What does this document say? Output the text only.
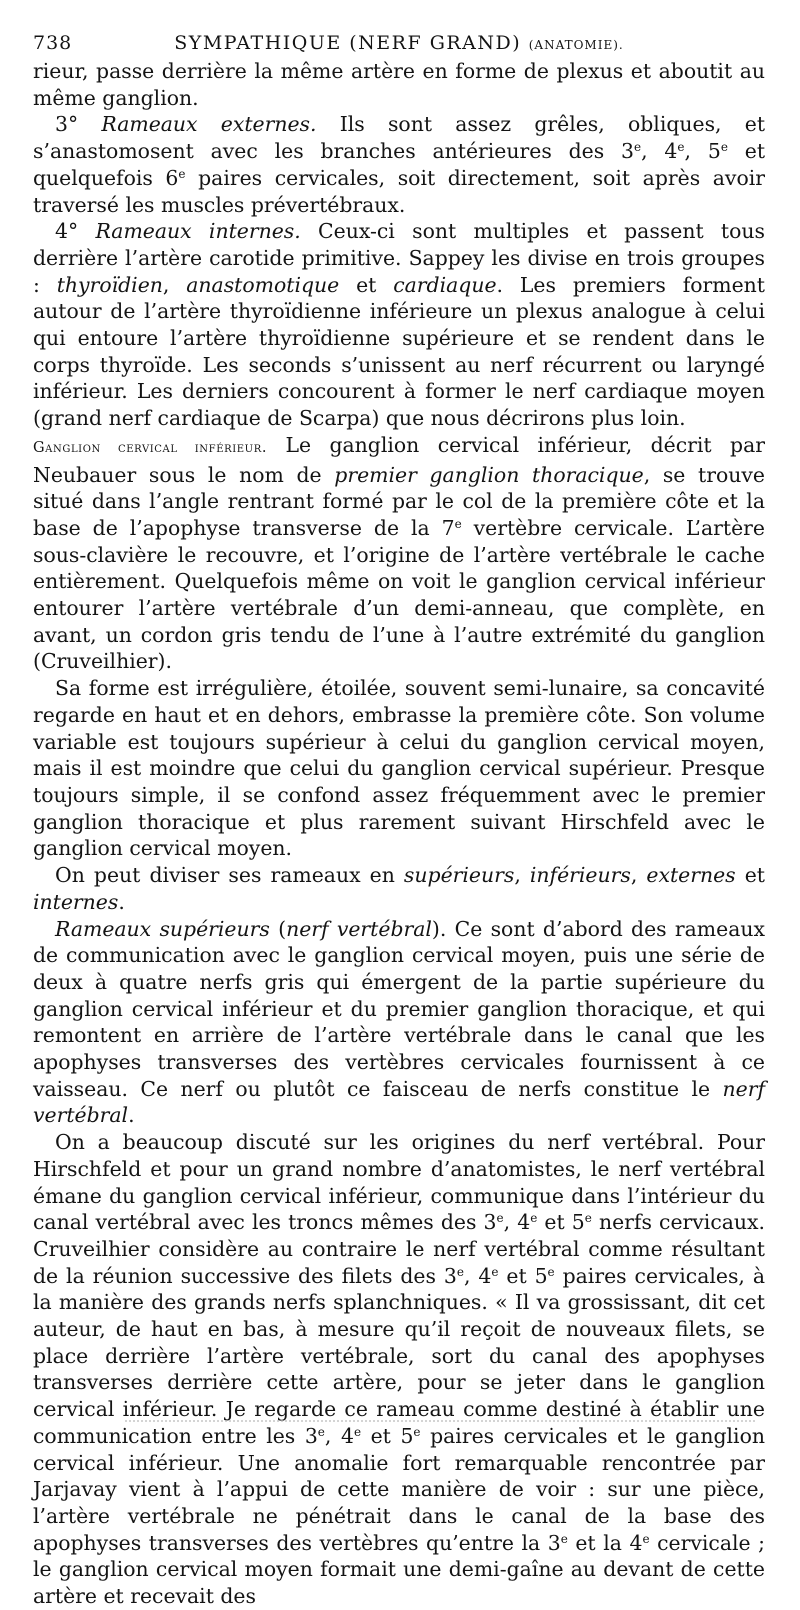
738	SYMPATHIQUE (NERF GRAND) (ANATOMIE).

rieur, passe derrière la même artère en forme de plexus et aboutit au même ganglion.

3° Rameaux externes. Ils sont assez grêles, obliques, et s’anastomosent avec les branches antérieures des 3e, 4e, 5e et quelquefois 6e paires cervicales, soit directement, soit après avoir traversé les muscles prévertébraux.

4° Rameaux internes. Ceux-ci sont multiples et passent tous derrière l’artère carotide primitive. Sappey les divise en trois groupes : thyroïdien, anastomotique et cardiaque. Les premiers forment autour de l’artère thyroïdienne inférieure un plexus analogue à celui qui entoure l’artère thyroïdienne supérieure et se rendent dans le corps thyroïde. Les seconds s’unissent au nerf récurrent ou laryngé inférieur. Les derniers concourent à former le nerf cardiaque moyen (grand nerf cardiaque de Scarpa) que nous décrirons plus loin.

Ganglion cervical inférieur. Le ganglion cervical inférieur, décrit par Neubauer sous le nom de premier ganglion thoracique, se trouve situé dans l’angle rentrant formé par le col de la première côte et la base de l’apophyse transverse de la 7e vertèbre cervicale. L’artère sous-clavière le recouvre, et l’origine de l’artère vertébrale le cache entièrement. Quelquefois même on voit le ganglion cervical inférieur entourer l’artère vertébrale d’un demi-anneau, que complète, en avant, un cordon gris tendu de l’une à l’autre extrémité du ganglion (Cruveilhier).

Sa forme est irrégulière, étoilée, souvent semi-lunaire, sa concavité regarde en haut et en dehors, embrasse la première côte. Son volume variable est toujours supérieur à celui du ganglion cervical moyen, mais il est moindre que celui du ganglion cervical supérieur. Presque toujours simple, il se confond assez fréquemment avec le premier ganglion thoracique et plus rarement suivant Hirschfeld avec le ganglion cervical moyen.

On peut diviser ses rameaux en supérieurs, inférieurs, externes et internes.

Rameaux supérieurs (nerf vertébral). Ce sont d’abord des rameaux de communication avec le ganglion cervical moyen, puis une série de deux à quatre nerfs gris qui émergent de la partie supérieure du ganglion cervical inférieur et du premier ganglion thoracique, et qui remontent en arrière de l’artère vertébrale dans le canal que les apophyses transverses des vertèbres cervicales fournissent à ce vaisseau. Ce nerf ou plutôt ce faisceau de nerfs constitue le nerf vertébral.

On a beaucoup discuté sur les origines du nerf vertébral. Pour Hirschfeld et pour un grand nombre d’anatomistes, le nerf vertébral émane du ganglion cervical inférieur, communique dans l’intérieur du canal vertébral avec les troncs mêmes des 3e, 4e et 5e nerfs cervicaux. Cruveilhier considère au contraire le nerf vertébral comme résultant de la réunion successive des filets des 3e, 4e et 5e paires cervicales, à la manière des grands nerfs splanchniques. « Il va grossissant, dit cet auteur, de haut en bas, à mesure qu’il reçoit de nouveaux filets, se place derrière l’artère vertébrale, sort du canal des apophyses transverses derrière cette artère, pour se jeter dans le ganglion cervical inférieur. Je regarde ce rameau comme destiné à établir une communication entre les 3e, 4e et 5e paires cervicales et le ganglion cervical inférieur. Une anomalie fort remarquable rencontrée par Jarjavay vient à l’appui de cette manière de voir : sur une pièce, l’artère vertébrale ne pénétrait dans le canal de la base des apophyses transverses des vertèbres qu’entre la 3e et la 4e cervicale ; le ganglion cervical moyen formait une demi-gaîne au devant de cette artère et recevait des
